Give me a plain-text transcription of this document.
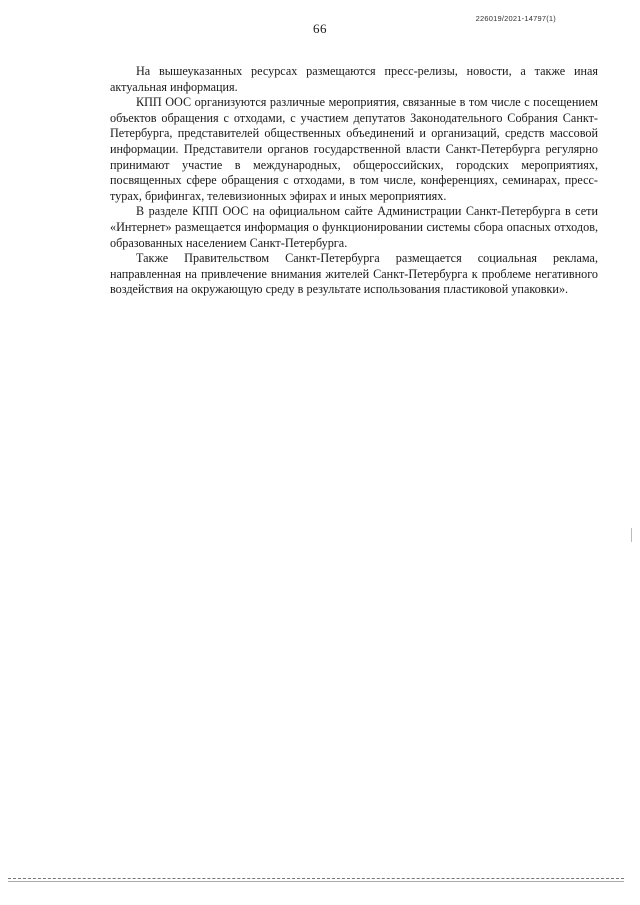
226019/2021-14797(1)
66

На вышеуказанных ресурсах размещаются пресс-релизы, новости, а также иная актуальная информация.

КПП ООС организуются различные мероприятия, связанные в том числе с посещением объектов обращения с отходами, с участием депутатов Законодательного Собрания Санкт-Петербурга, представителей общественных объединений и организаций, средств массовой информации. Представители органов государственной власти Санкт-Петербурга регулярно принимают участие в международных, общероссийских, городских мероприятиях, посвященных сфере обращения с отходами, в том числе, конференциях, семинарах, пресс-турах, брифингах, телевизионных эфирах и иных мероприятиях.

В разделе КПП ООС на официальном сайте Администрации Санкт-Петербурга в сети «Интернет» размещается информация о функционировании системы сбора опасных отходов, образованных населением Санкт-Петербурга.

Также Правительством Санкт-Петербурга размещается социальная реклама, направленная на привлечение внимания жителей Санкт-Петербурга к проблеме негативного воздействия на окружающую среду в результате использования пластиковой упаковки».
